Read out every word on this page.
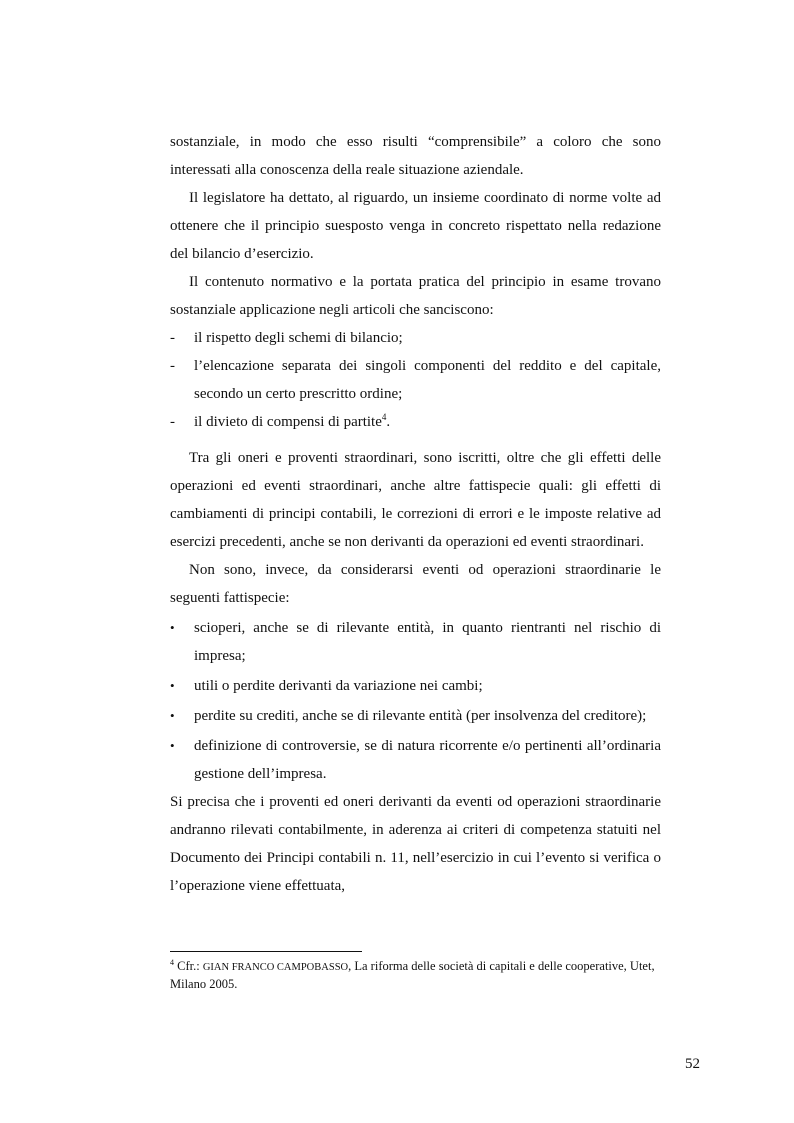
sostanziale, in modo che esso risulti “comprensibile” a coloro che sono interessati alla conoscenza della reale situazione aziendale.

Il legislatore ha dettato, al riguardo, un insieme coordinato di norme volte ad ottenere che il principio suesposto venga in concreto rispettato nella redazione del bilancio d’esercizio.

Il contenuto normativo e la portata pratica del principio in esame trovano sostanziale applicazione negli articoli che sanciscono:

- il rispetto degli schemi di bilancio;
- l’elencazione separata dei singoli componenti del reddito e del capitale, secondo un certo prescritto ordine;
- il divieto di compensi di partite$^4$.

Tra gli oneri e proventi straordinari, sono iscritti, oltre che gli effetti delle operazioni ed eventi straordinari, anche altre fattispecie quali: gli effetti di cambiamenti di principi contabili, le correzioni di errori e le imposte relative ad esercizi precedenti, anche se non derivanti da operazioni ed eventi straordinari.

Non sono, invece, da considerarsi eventi od operazioni straordinarie le seguenti fattispecie:

• scioperi, anche se di rilevante entità, in quanto rientranti nel rischio di impresa;
• utili o perdite derivanti da variazione nei cambi;
• perdite su crediti, anche se di rilevante entità (per insolvenza del creditore);
• definizione di controversie, se di natura ricorrente e/o pertinenti all’ordinaria gestione dell’impresa.

Si precisa che i proventi ed oneri derivanti da eventi od operazioni straordinarie andranno rilevati contabilmente, in aderenza ai criteri di competenza statuiti nel Documento dei Principi contabili n. 11, nell’esercizio in cui l’evento si verifica o l’operazione viene effettuata,

$^4$ Cfr.: GIAN FRANCO CAMPOBASSO, La riforma delle società di capitali e delle cooperative, Utet, Milano 2005.
52
